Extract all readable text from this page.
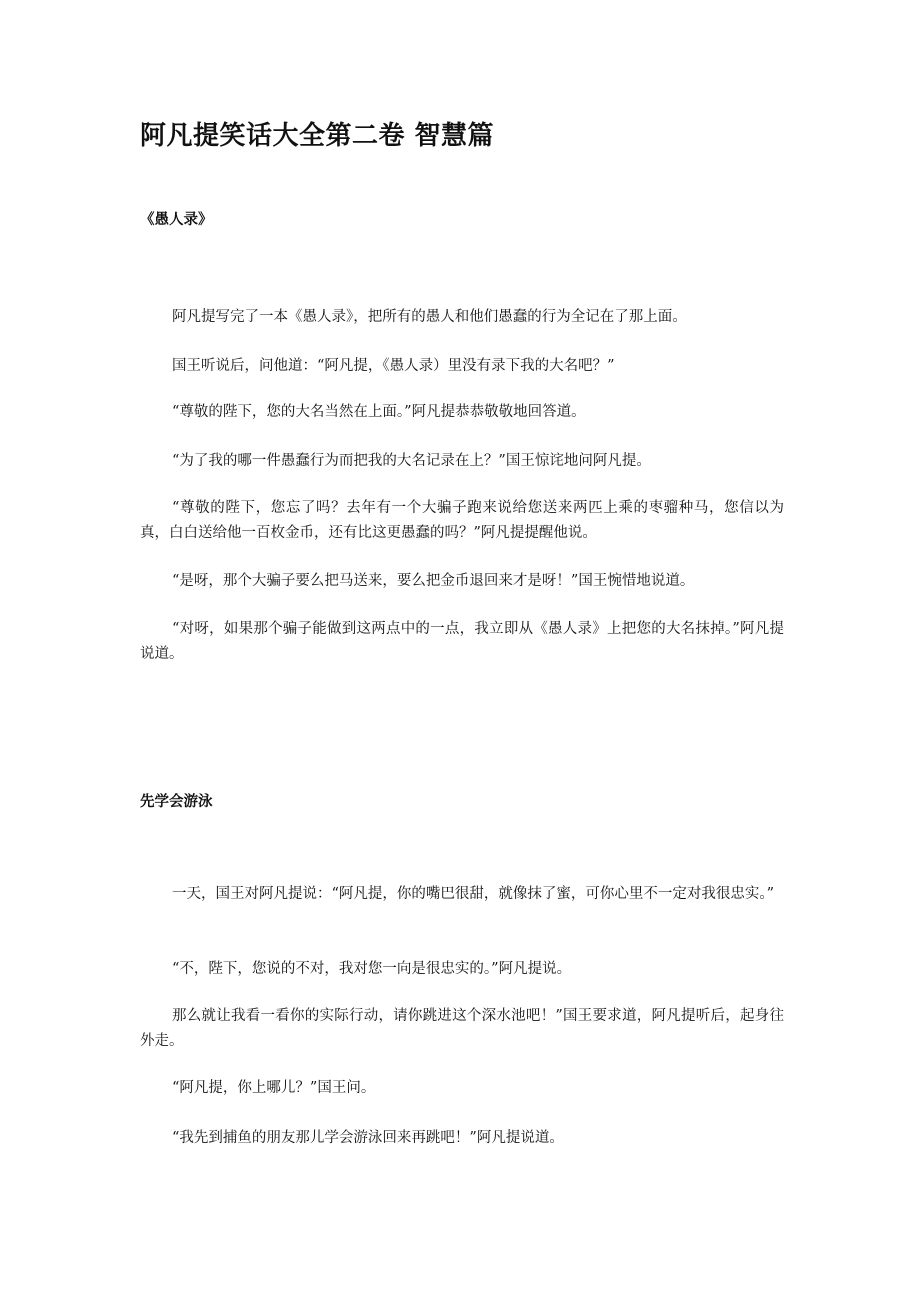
阿凡提笑话大全第二卷 智慧篇
《愚人录》

阿凡提写完了一本《愚人录》，把所有的愚人和他们愚蠢的行为全记在了那上面。

国王听说后，问他道：“阿凡提，《愚人录）里没有录下我的大名吧？”

“尊敬的陛下，您的大名当然在上面。”阿凡提恭恭敬敬地回答道。

“为了我的哪一件愚蠢行为而把我的大名记录在上？”国王惊诧地问阿凡提。

“尊敬的陛下，您忘了吗？去年有一个大骗子跑来说给您送来两匹上乘的枣骝种马，您信以为真，白白送给他一百枚金币，还有比这更愚蠢的吗？”阿凡提提醒他说。

“是呀，那个大骗子要么把马送来，要么把金币退回来才是呀！”国王惋惜地说道。

“对呀，如果那个骗子能做到这两点中的一点，我立即从《愚人录》上把您的大名抹掉。”阿凡提说道。

先学会游泳

一天，国王对阿凡提说：“阿凡提，你的嘴巴很甜，就像抹了蜜，可你心里不一定对我很忠实。”

“不，陛下，您说的不对，我对您一向是很忠实的。”阿凡提说。

那么就让我看一看你的实际行动，请你跳进这个深水池吧！”国王要求道，阿凡提听后，起身往外走。

“阿凡提，你上哪儿？”国王问。

“我先到捕鱼的朋友那儿学会游泳回来再跳吧！”阿凡提说道。
